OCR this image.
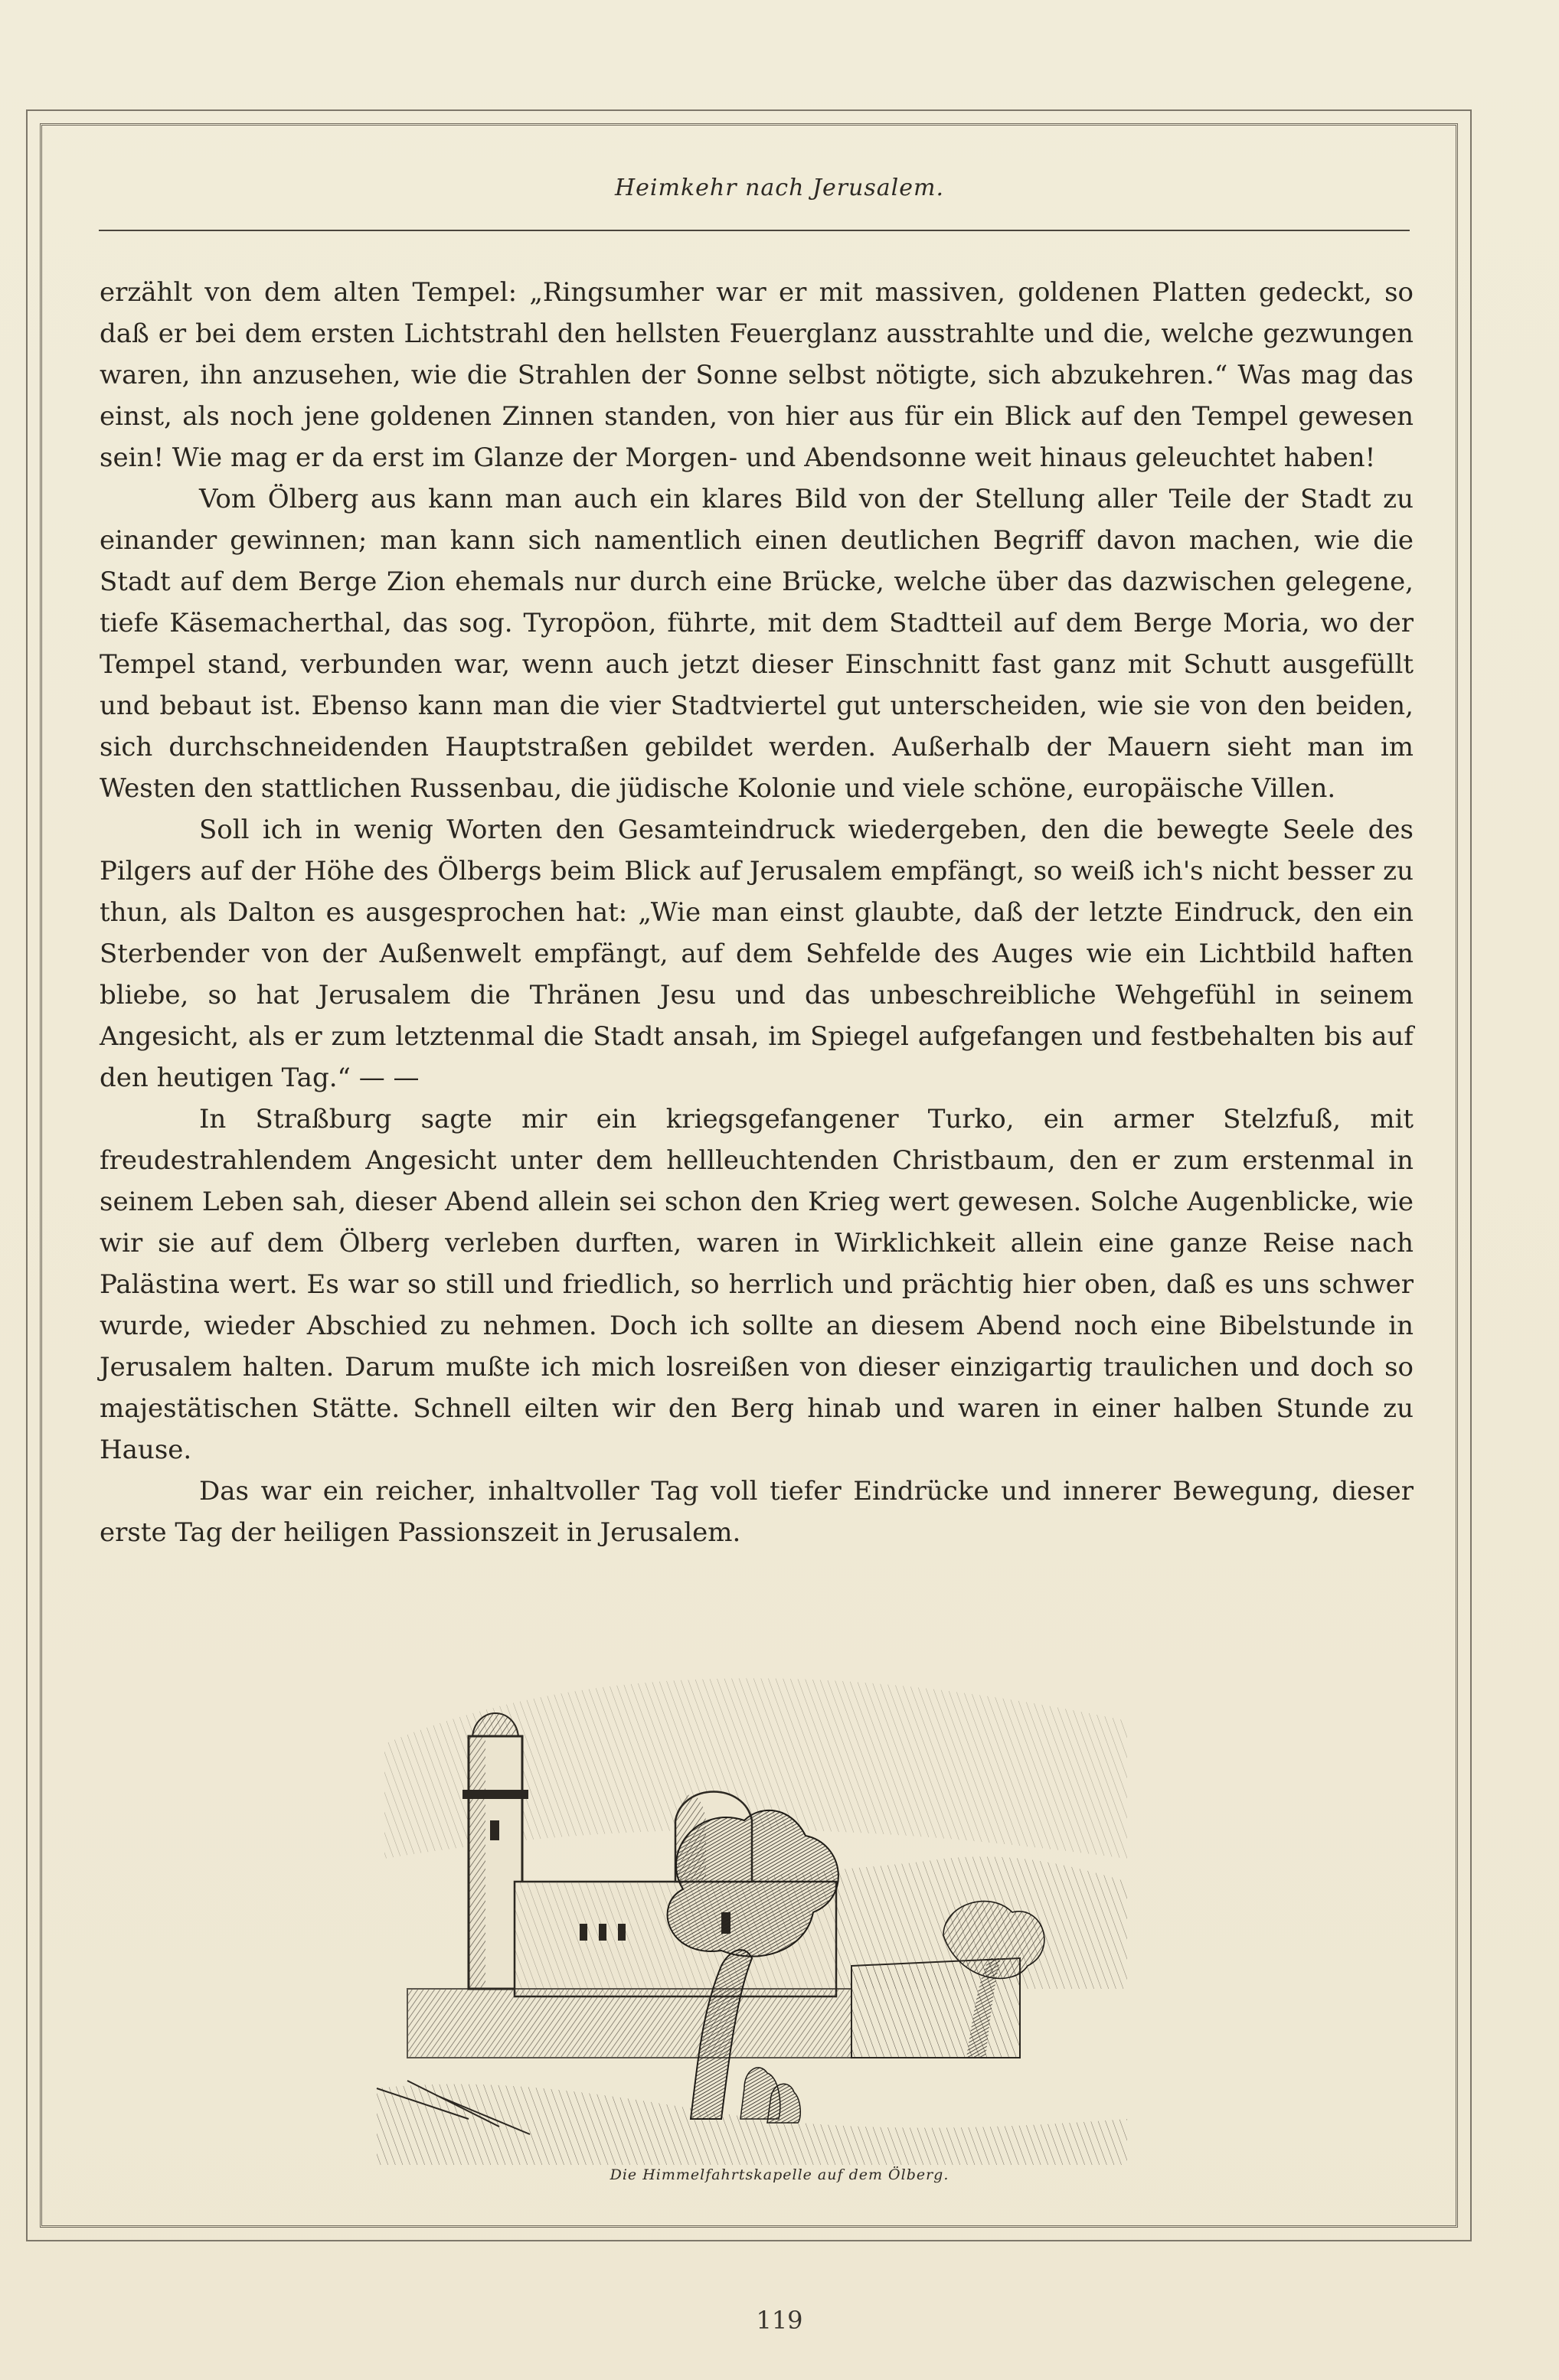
Heimkehr nach Jerusalem.

erzählt von dem alten Tempel: „Ringsumher war er mit massiven, goldenen Platten gedeckt, so daß er bei dem ersten Lichtstrahl den hellsten Feuerglanz ausstrahlte und die, welche gezwungen waren, ihn anzusehen, wie die Strahlen der Sonne selbst nötigte, sich abzukehren.“ Was mag das einst, als noch jene goldenen Zinnen standen, von hier aus für ein Blick auf den Tempel gewesen sein! Wie mag er da erst im Glanze der Morgen- und Abendsonne weit hinaus geleuchtet haben!

Vom Ölberg aus kann man auch ein klares Bild von der Stellung aller Teile der Stadt zu einander gewinnen; man kann sich namentlich einen deutlichen Begriff davon machen, wie die Stadt auf dem Berge Zion ehemals nur durch eine Brücke, welche über das dazwischen gelegene, tiefe Käsemacherthal, das sog. Tyropöon, führte, mit dem Stadtteil auf dem Berge Moria, wo der Tempel stand, verbunden war, wenn auch jetzt dieser Einschnitt fast ganz mit Schutt ausgefüllt und bebaut ist. Ebenso kann man die vier Stadtviertel gut unterscheiden, wie sie von den beiden, sich durchschneidenden Hauptstraßen gebildet werden. Außerhalb der Mauern sieht man im Westen den stattlichen Russenbau, die jüdische Kolonie und viele schöne, europäische Villen.

Soll ich in wenig Worten den Gesamteindruck wiedergeben, den die bewegte Seele des Pilgers auf der Höhe des Ölbergs beim Blick auf Jerusalem empfängt, so weiß ich's nicht besser zu thun, als Dalton es ausgesprochen hat: „Wie man einst glaubte, daß der letzte Eindruck, den ein Sterbender von der Außenwelt empfängt, auf dem Sehfelde des Auges wie ein Lichtbild haften bliebe, so hat Jerusalem die Thränen Jesu und das unbeschreibliche Wehgefühl in seinem Angesicht, als er zum letztenmal die Stadt ansah, im Spiegel aufgefangen und festbehalten bis auf den heutigen Tag.“ — —

In Straßburg sagte mir ein kriegsgefangener Turko, ein armer Stelzfuß, mit freudestrahlendem Angesicht unter dem hellleuchtenden Christbaum, den er zum erstenmal in seinem Leben sah, dieser Abend allein sei schon den Krieg wert gewesen. Solche Augenblicke, wie wir sie auf dem Ölberg verleben durften, waren in Wirklichkeit allein eine ganze Reise nach Palästina wert. Es war so still und friedlich, so herrlich und prächtig hier oben, daß es uns schwer wurde, wieder Abschied zu nehmen. Doch ich sollte an diesem Abend noch eine Bibelstunde in Jerusalem halten. Darum mußte ich mich losreißen von dieser einzigartig traulichen und doch so majestätischen Stätte. Schnell eilten wir den Berg hinab und waren in einer halben Stunde zu Hause.

Das war ein reicher, inhaltvoller Tag voll tiefer Eindrücke und innerer Bewegung, dieser erste Tag der heiligen Passionszeit in Jerusalem.

Die Himmelfahrtskapelle auf dem Ölberg.
119
